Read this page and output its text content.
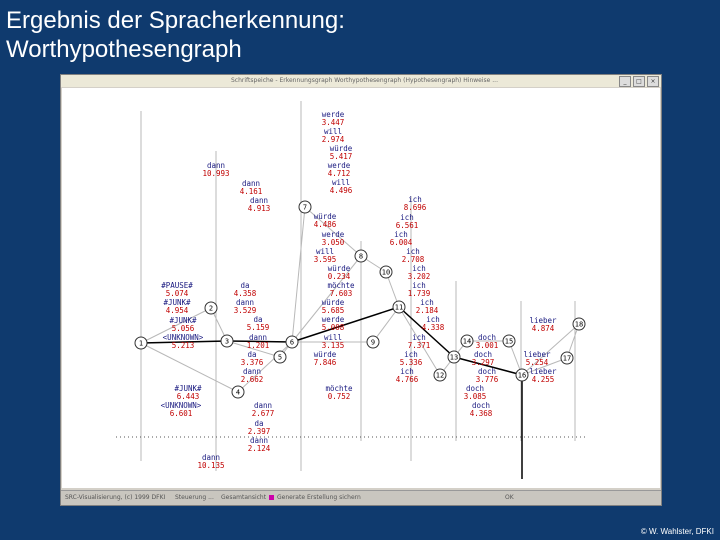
Ergebnis der Spracherkennung:
Worthypothesengraph
Schriftspeiche - Erkennungsgraph Worthypothesengraph (Hypothesengraph) Hinweise ...	_	□	×
werde
3.447
will
2.974
würde
5.417
werde
4.712
will
4.496
dann
10.993
dann
4.161
dann
4.913
würde
4.486
werde
3.050
will
3.595
würde
0.234
ich
8.696
ich
6.561
ich
6.004
ich
2.708
ich
3.202
ich
1.739
#PAUSE#
5.074
#JUNK#
4.954
#JUNK#
5.056
<UNKNOWN>
5.213
da
4.358
dann
3.529
da
5.159
dann
1.201
da
3.376
dann
2.662
möchte
7.603
würde
5.685
werde
5.008
will
3.135
würde
7.846
möchte
0.752
ich
2.184
ich
4.338
ich
7.371
ich
5.336
ich
4.766
doch
3.001
doch
3.297
doch
3.776
doch
3.085
doch
4.368
lieber
4.874
lieber
5.254
lieber
4.255
#JUNK#
6.443
<UNKNOWN>
6.601
dann
2.677
da
2.397
dann
2.124
dann
10.135
1
2
3
4
5
6
7
8
9
10
11
12
13
14	15
16
17
18
SRC-Visualisierung, (c) 1999 DFKI Steuerung ... Gesamtansicht	Generate Erstellung sichern	OK
© W. Wahlster, DFKI
